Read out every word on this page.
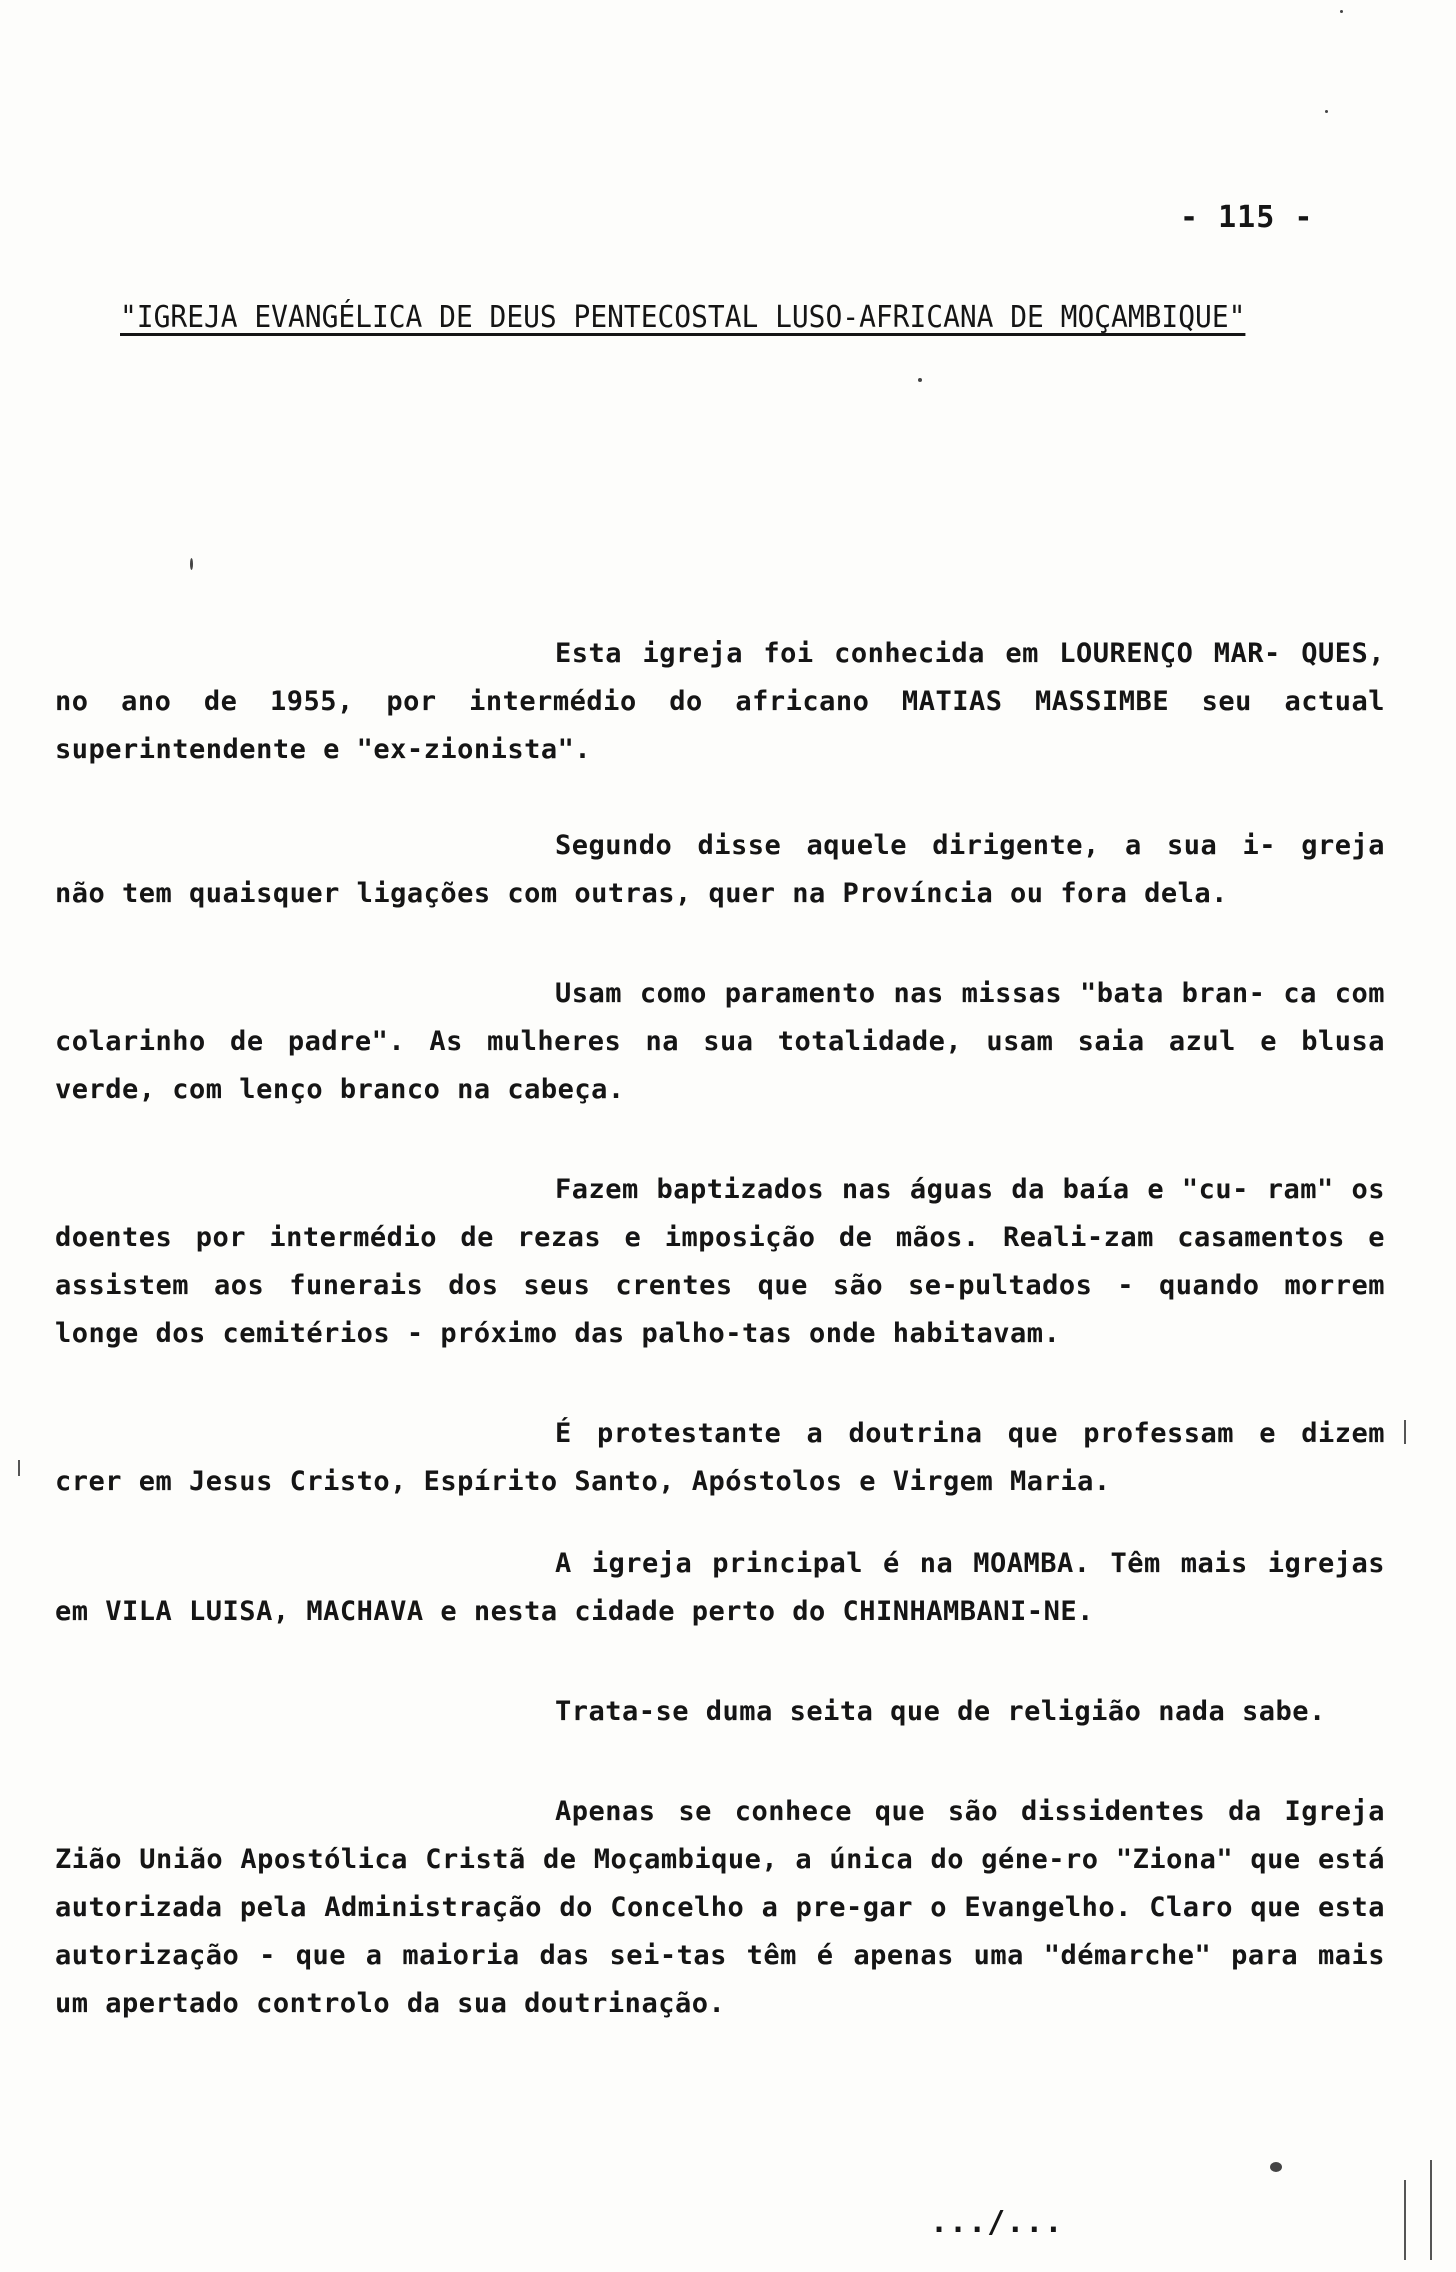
- 115 -
"IGREJA EVANGÉLICA DE DEUS PENTECOSTAL LUSO-AFRICANA DE MOÇAMBIQUE"

Esta igreja foi conhecida em LOURENÇO MAR- QUES, no ano de 1955, por intermédio do africano MATIAS MASSIMBE seu actual superintendente e "ex-zionista".

Segundo disse aquele dirigente, a sua i- greja não tem quaisquer ligações com outras, quer na Província ou fora dela.

Usam como paramento nas missas "bata bran- ca com colarinho de padre". As mulheres na sua totalidade, usam saia azul e blusa verde, com lenço branco na cabeça.

Fazem baptizados nas águas da baía e "cu- ram" os doentes por intermédio de rezas e imposição de mãos. Reali-zam casamentos e assistem aos funerais dos seus crentes que são se-pultados - quando morrem longe dos cemitérios - próximo das palho-tas onde habitavam.

É protestante a doutrina que professam e dizem crer em Jesus Cristo, Espírito Santo, Apóstolos e Virgem Maria.

A igreja principal é na MOAMBA. Têm mais igrejas em VILA LUISA, MACHAVA e nesta cidade perto do CHINHAMBANI-NE.

Trata-se duma seita que de religião nada sabe.

Apenas se conhece que são dissidentes da Igreja Zião União Apostólica Cristã de Moçambique, a única do géne-ro "Ziona" que está autorizada pela Administração do Concelho a pre-gar o Evangelho. Claro que esta autorização - que a maioria das sei-tas têm é apenas uma "démarche" para mais um apertado controlo da sua doutrinação.

.../...
